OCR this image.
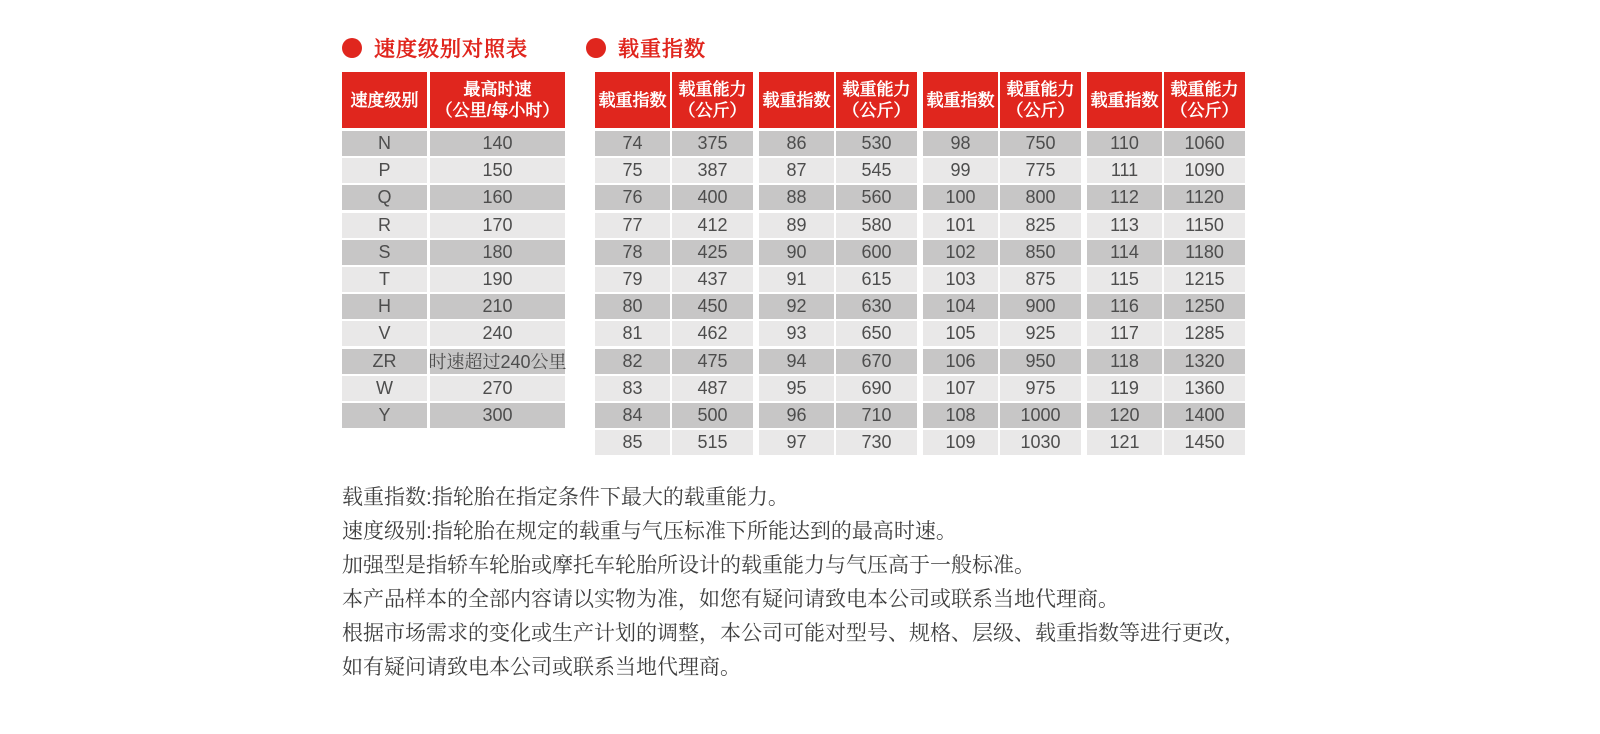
速度级别对照表	载重指数
速度级别
最高时速
（公里/每小时）
N	140
P	150
Q	160
R	170
S	180
T	190
H	210
V	240
ZR	时速超过240公里
W	270
Y	300
载重指数
载重能力
（公斤）
74	375
75	387
76	400
77	412
78	425
79	437
80	450
81	462
82	475
83	487
84	500
85	515
载重指数
载重能力
（公斤）
86	530
87	545
88	560
89	580
90	600
91	615
92	630
93	650
94	670
95	690
96	710
97	730
载重指数
载重能力
（公斤）
98	750
99	775
100	800
101	825
102	850
103	875
104	900
105	925
106	950
107	975
108	1000
109	1030
载重指数
载重能力
（公斤）
110	1060
111	1090
112	1120
113	1150
114	1180
115	1215
116	1250
117	1285
118	1320
119	1360
120	1400
121	1450

载重指数:指轮胎在指定条件下最大的载重能力。

速度级别:指轮胎在规定的载重与气压标准下所能达到的最高时速。

加强型是指轿车轮胎或摩托车轮胎所设计的载重能力与气压高于一般标准。

本产品样本的全部内容请以实物为准，如您有疑问请致电本公司或联系当地代理商。

根据市场需求的变化或生产计划的调整，本公司可能对型号、规格、层级、载重指数等进行更改，

如有疑问请致电本公司或联系当地代理商。
